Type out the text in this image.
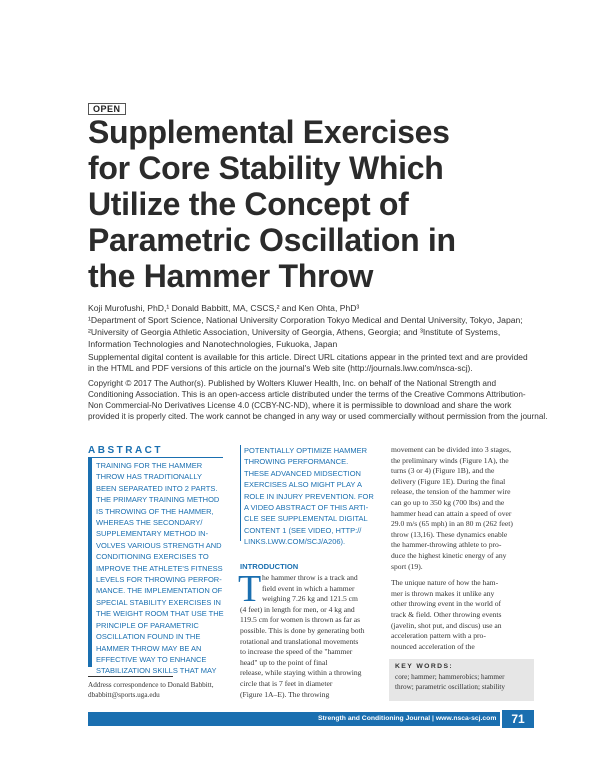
OPEN
Supplemental Exercises
for Core Stability Which
Utilize the Concept of
Parametric Oscillation in
the Hammer Throw
Koji Murofushi, PhD,¹ Donald Babbitt, MA, CSCS,² and Ken Ohta, PhD³
¹Department of Sport Science, National University Corporation Tokyo Medical and Dental University, Tokyo, Japan;
²University of Georgia Athletic Association, University of Georgia, Athens, Georgia; and ³Institute of Systems,
Information Technologies and Nanotechnologies, Fukuoka, Japan
Supplemental digital content is available for this article. Direct URL citations appear in the printed text and are provided
in the HTML and PDF versions of this article on the journal's Web site (http://journals.lww.com/nsca-scj).
Copyright © 2017 The Author(s). Published by Wolters Kluwer Health, Inc. on behalf of the National Strength and
Conditioning Association. This is an open-access article distributed under the terms of the Creative Commons Attribution-
Non Commercial-No Derivatives License 4.0 (CCBY-NC-ND), where it is permissible to download and share the work
provided it is properly cited. The work cannot be changed in any way or used commercially without permission from the journal.
ABSTRACT
TRAINING FOR THE HAMMER
THROW HAS TRADITIONALLY
BEEN SEPARATED INTO 2 PARTS.
THE PRIMARY TRAINING METHOD
IS THROWING OF THE HAMMER,
WHEREAS THE SECONDARY/
SUPPLEMENTARY METHOD IN-
VOLVES VARIOUS STRENGTH AND
CONDITIONING EXERCISES TO
IMPROVE THE ATHLETE'S FITNESS
LEVELS FOR THROWING PERFOR-
MANCE. THE IMPLEMENTATION OF
SPECIAL STABILITY EXERCISES IN
THE WEIGHT ROOM THAT USE THE
PRINCIPLE OF PARAMETRIC
OSCILLATION FOUND IN THE
HAMMER THROW MAY BE AN
EFFECTIVE WAY TO ENHANCE
STABILIZATION SKILLS THAT MAY
POTENTIALLY OPTIMIZE HAMMER
THROWING PERFORMANCE.
THESE ADVANCED MIDSECTION
EXERCISES ALSO MIGHT PLAY A
ROLE IN INJURY PREVENTION. FOR
A VIDEO ABSTRACT OF THIS ARTI-
CLE SEE SUPPLEMENTAL DIGITAL
CONTENT 1 (SEE VIDEO, HTTP://
LINKS.LWW.COM/SCJ/A206).
Address correspondence to Donald Babbitt,
dbabbitt@sports.uga.edu
INTRODUCTION
T he hammer throw is a track and
field event in which a hammer
weighing 7.26 kg and 121.5 cm
(4 feet) in length for men, or 4 kg and
119.5 cm for women is thrown as far as
possible. This is done by generating both
rotational and translational movements
to increase the speed of the "hammer
head" up to the point of final
release, while staying within a throwing
circle that is 7 feet in diameter
(Figure 1A–E). The throwing
movement can be divided into 3 stages,
the preliminary winds (Figure 1A), the
turns (3 or 4) (Figure 1B), and the
delivery (Figure 1E). During the final
release, the tension of the hammer wire
can go up to 350 kg (700 lbs) and the
hammer head can attain a speed of over
29.0 m/s (65 mph) in an 80 m (262 feet)
throw (13,16). These dynamics enable
the hammer-throwing athlete to pro-
duce the highest kinetic energy of any
sport (19).
The unique nature of how the ham-
mer is thrown makes it unlike any
other throwing event in the world of
track & field. Other throwing events
(javelin, shot put, and discus) use an
acceleration pattern with a pro-
nounced acceleration of the
KEY WORDS:
core; hammer; hammerobics; hammer
throw; parametric oscillation; stability
Strength and Conditioning Journal | www.nsca-scj.com	71
